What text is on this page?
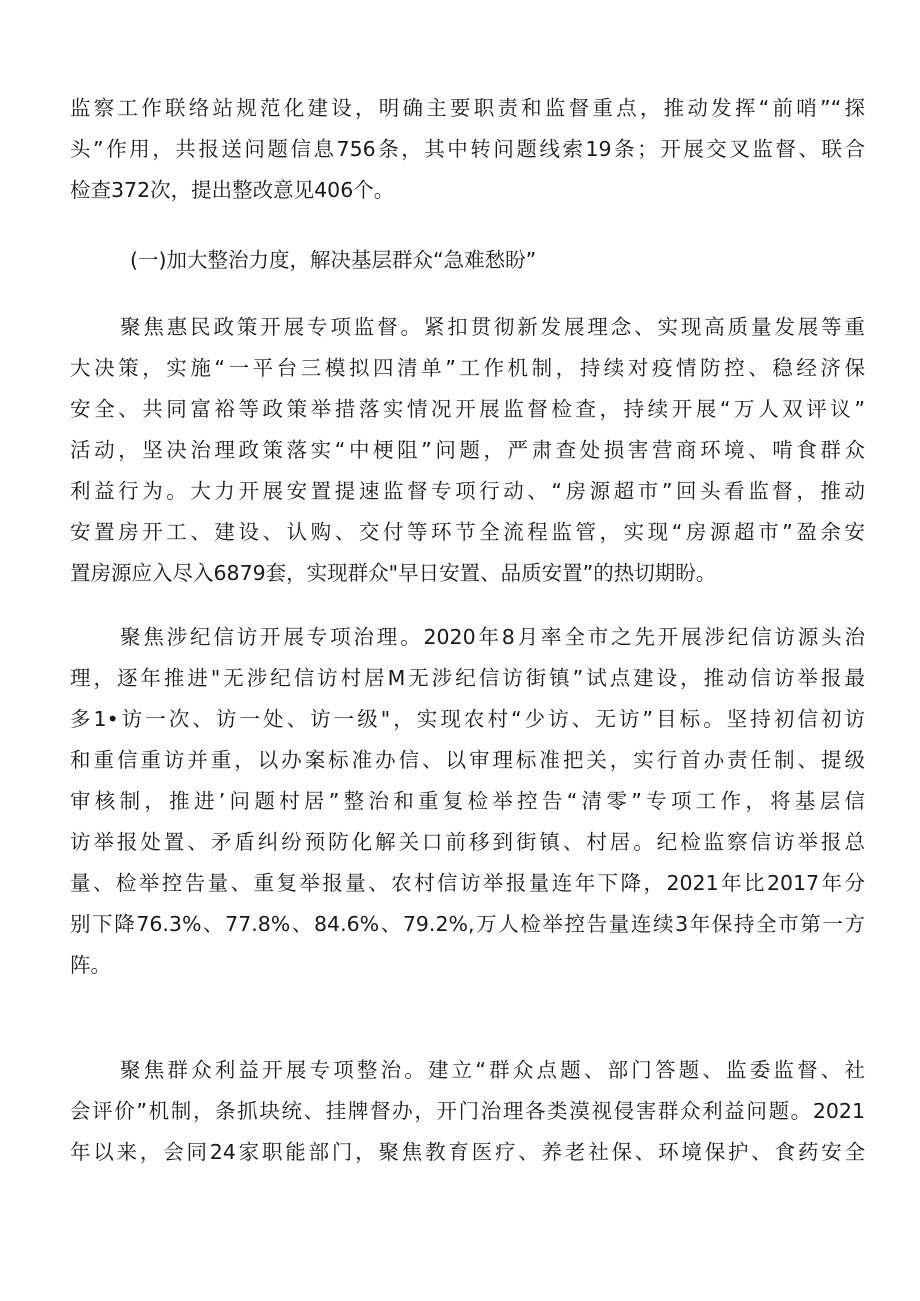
监察工作联络站规范化建设，明确主要职责和监督重点，推动发挥“前哨”“探
头”作用，共报送问题信息756条，其中转问题线索19条；开展交叉监督、联合
检查372次，提出整改意见406个。

(一)加大整治力度，解决基层群众“急难愁盼”

聚焦惠民政策开展专项监督。紧扣贯彻新发展理念、实现高质量发展等重
大决策，实施“一平台三模拟四清单”工作机制，持续对疫情防控、稳经济保
安全、共同富裕等政策举措落实情况开展监督检查，持续开展“万人双评议”
活动，坚决治理政策落实“中梗阻”问题，严肃查处损害营商环境、啃食群众
利益行为。大力开展安置提速监督专项行动、“房源超市”回头看监督，推动
安置房开工、建设、认购、交付等环节全流程监管，实现“房源超市”盈余安
置房源应入尽入6879套，实现群众"早日安置、品质安置”的热切期盼。
聚焦涉纪信访开展专项治理。2020年8月率全市之先开展涉纪信访源头治
理，逐年推进"无涉纪信访村居M无涉纪信访街镇”试点建设，推动信访举报最
多1•访一次、访一处、访一级"，实现农村“少访、无访”目标。坚持初信初访
和重信重访并重，以办案标准办信、以审理标准把关，实行首办责任制、提级
审核制，推进’问题村居”整治和重复检举控告“清零”专项工作，将基层信
访举报处置、矛盾纠纷预防化解关口前移到街镇、村居。纪检监察信访举报总
量、检举控告量、重复举报量、农村信访举报量连年下降，2021年比2017年分
别下降76.3%、77.8%、84.6%、79.2%,万人检举控告量连续3年保持全市第一方
阵。
聚焦群众利益开展专项整治。建立“群众点题、部门答题、监委监督、社
会评价”机制，条抓块统、挂牌督办，开门治理各类漠视侵害群众利益问题。2021
年以来，会同24家职能部门，聚焦教育医疗、养老社保、环境保护、食药安全
